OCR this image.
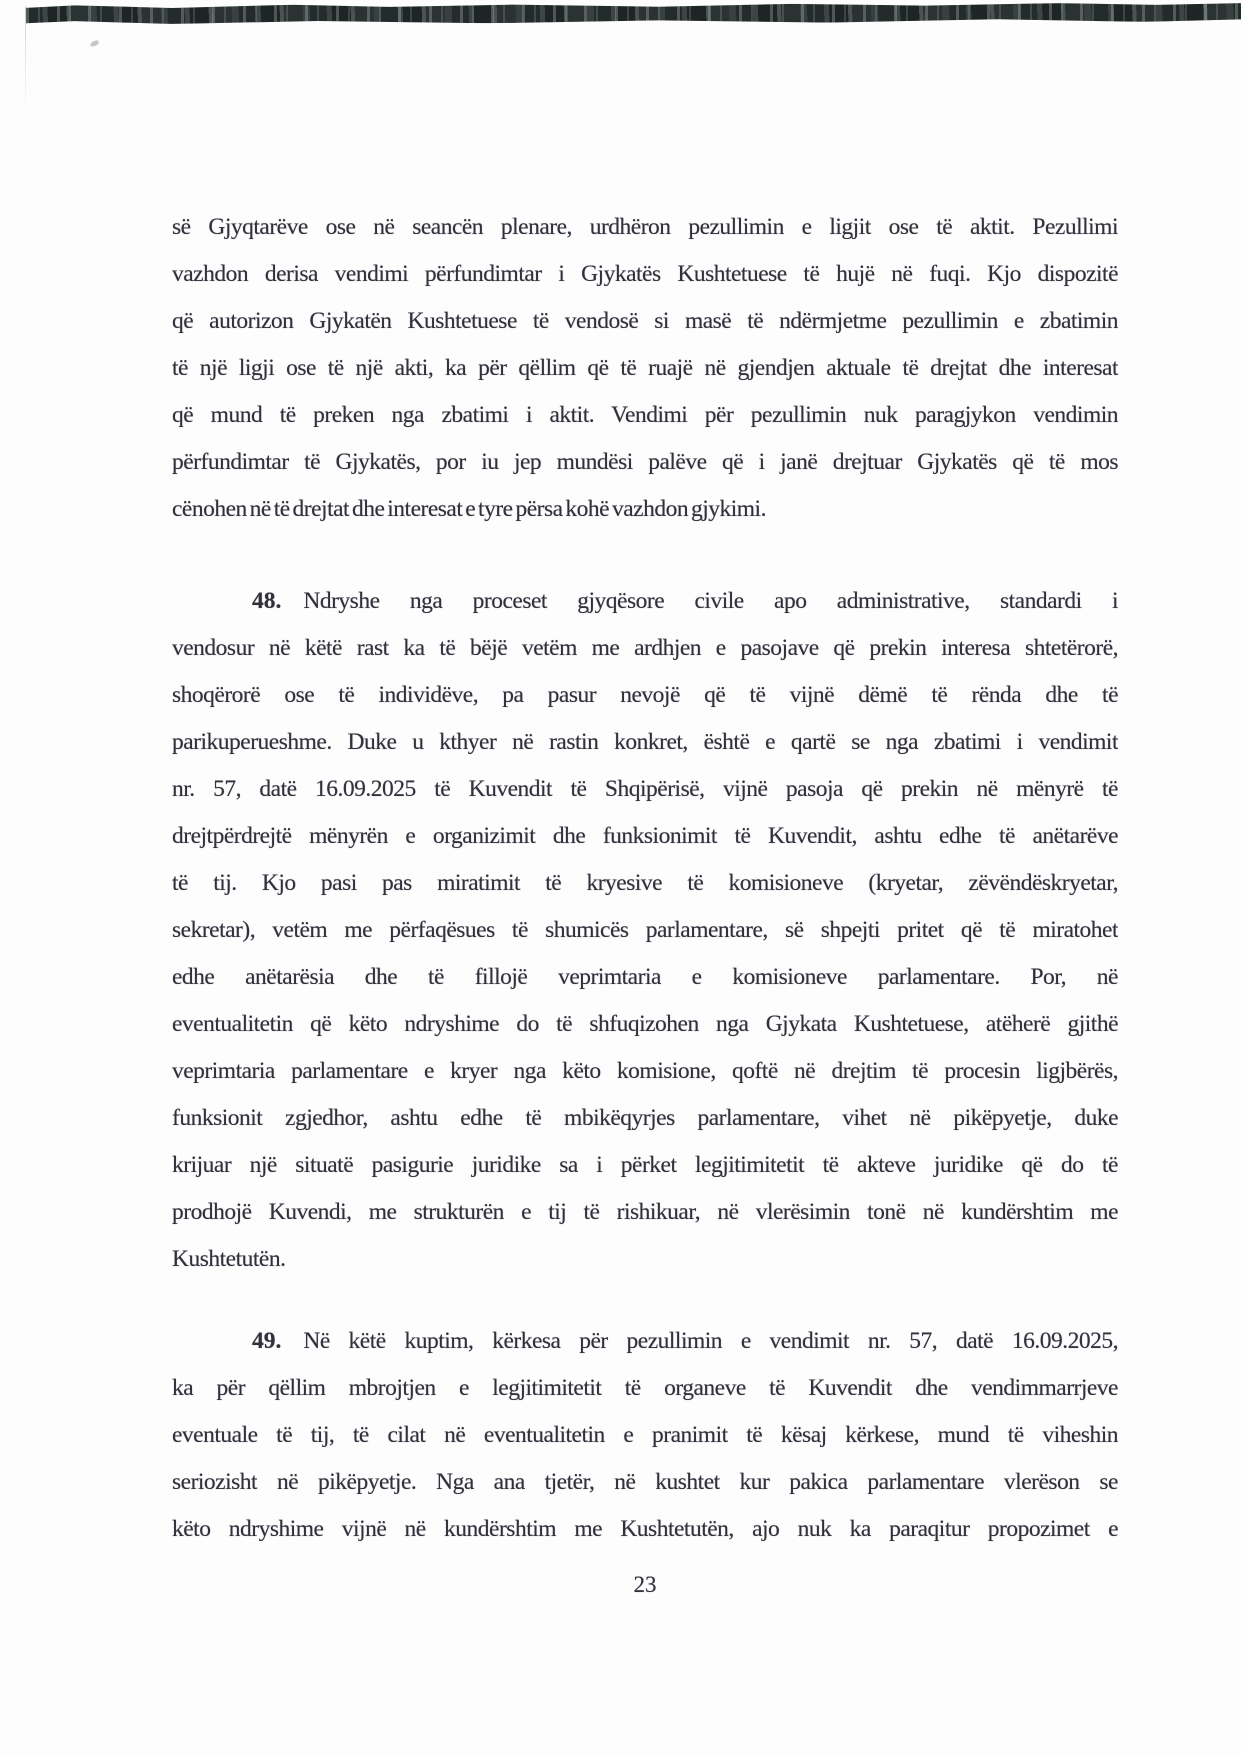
së Gjyqtarëve ose në seancën plenare, urdhëron pezullimin e ligjit ose të aktit. Pezullimi
vazhdon derisa vendimi përfundimtar i Gjykatës Kushtetuese të hujë në fuqi. Kjo dispozitë
që autorizon Gjykatën Kushtetuese të vendosë si masë të ndërmjetme pezullimin e zbatimin
të një ligji ose të një akti, ka për qëllim që të ruajë në gjendjen aktuale të drejtat dhe interesat
që mund të preken nga zbatimi i aktit. Vendimi për pezullimin nuk paragjykon vendimin
përfundimtar të Gjykatës, por iu jep mundësi palëve që i janë drejtuar Gjykatës që të mos
cënohen në të drejtat dhe interesat e tyre përsa kohë vazhdon gjykimi.
48. Ndryshe nga proceset gjyqësore civile apo administrative, standardi i
vendosur në këtë rast ka të bëjë vetëm me ardhjen e pasojave që prekin interesa shtetërorë,
shoqërorë ose të individëve, pa pasur nevojë që të vijnë dëmë të rënda dhe të
parikuperueshme. Duke u kthyer në rastin konkret, është e qartë se nga zbatimi i vendimit
nr. 57, datë 16.09.2025 të Kuvendit të Shqipërisë, vijnë pasoja që prekin në mënyrë të
drejtpërdrejtë mënyrën e organizimit dhe funksionimit të Kuvendit, ashtu edhe të anëtarëve
të tij. Kjo pasi pas miratimit të kryesive të komisioneve (kryetar, zëvëndëskryetar,
sekretar), vetëm me përfaqësues të shumicës parlamentare, së shpejti pritet që të miratohet
edhe anëtarësia dhe të fillojë veprimtaria e komisioneve parlamentare. Por, në
eventualitetin që këto ndryshime do të shfuqizohen nga Gjykata Kushtetuese, atëherë gjithë
veprimtaria parlamentare e kryer nga këto komisione, qoftë në drejtim të procesin ligjbërës,
funksionit zgjedhor, ashtu edhe të mbikëqyrjes parlamentare, vihet në pikëpyetje, duke
krijuar një situatë pasigurie juridike sa i përket legjitimitetit të akteve juridike që do të
prodhojë Kuvendi, me strukturën e tij të rishikuar, në vlerësimin tonë në kundërshtim me
Kushtetutën.
49. Në këtë kuptim, kërkesa për pezullimin e vendimit nr. 57, datë 16.09.2025,
ka për qëllim mbrojtjen e legjitimitetit të organeve të Kuvendit dhe vendimmarrjeve
eventuale të tij, të cilat në eventualitetin e pranimit të kësaj kërkese, mund të viheshin
seriozisht në pikëpyetje. Nga ana tjetër, në kushtet kur pakica parlamentare vlerëson se
këto ndryshime vijnë në kundërshtim me Kushtetutën, ajo nuk ka paraqitur propozimet e
23
